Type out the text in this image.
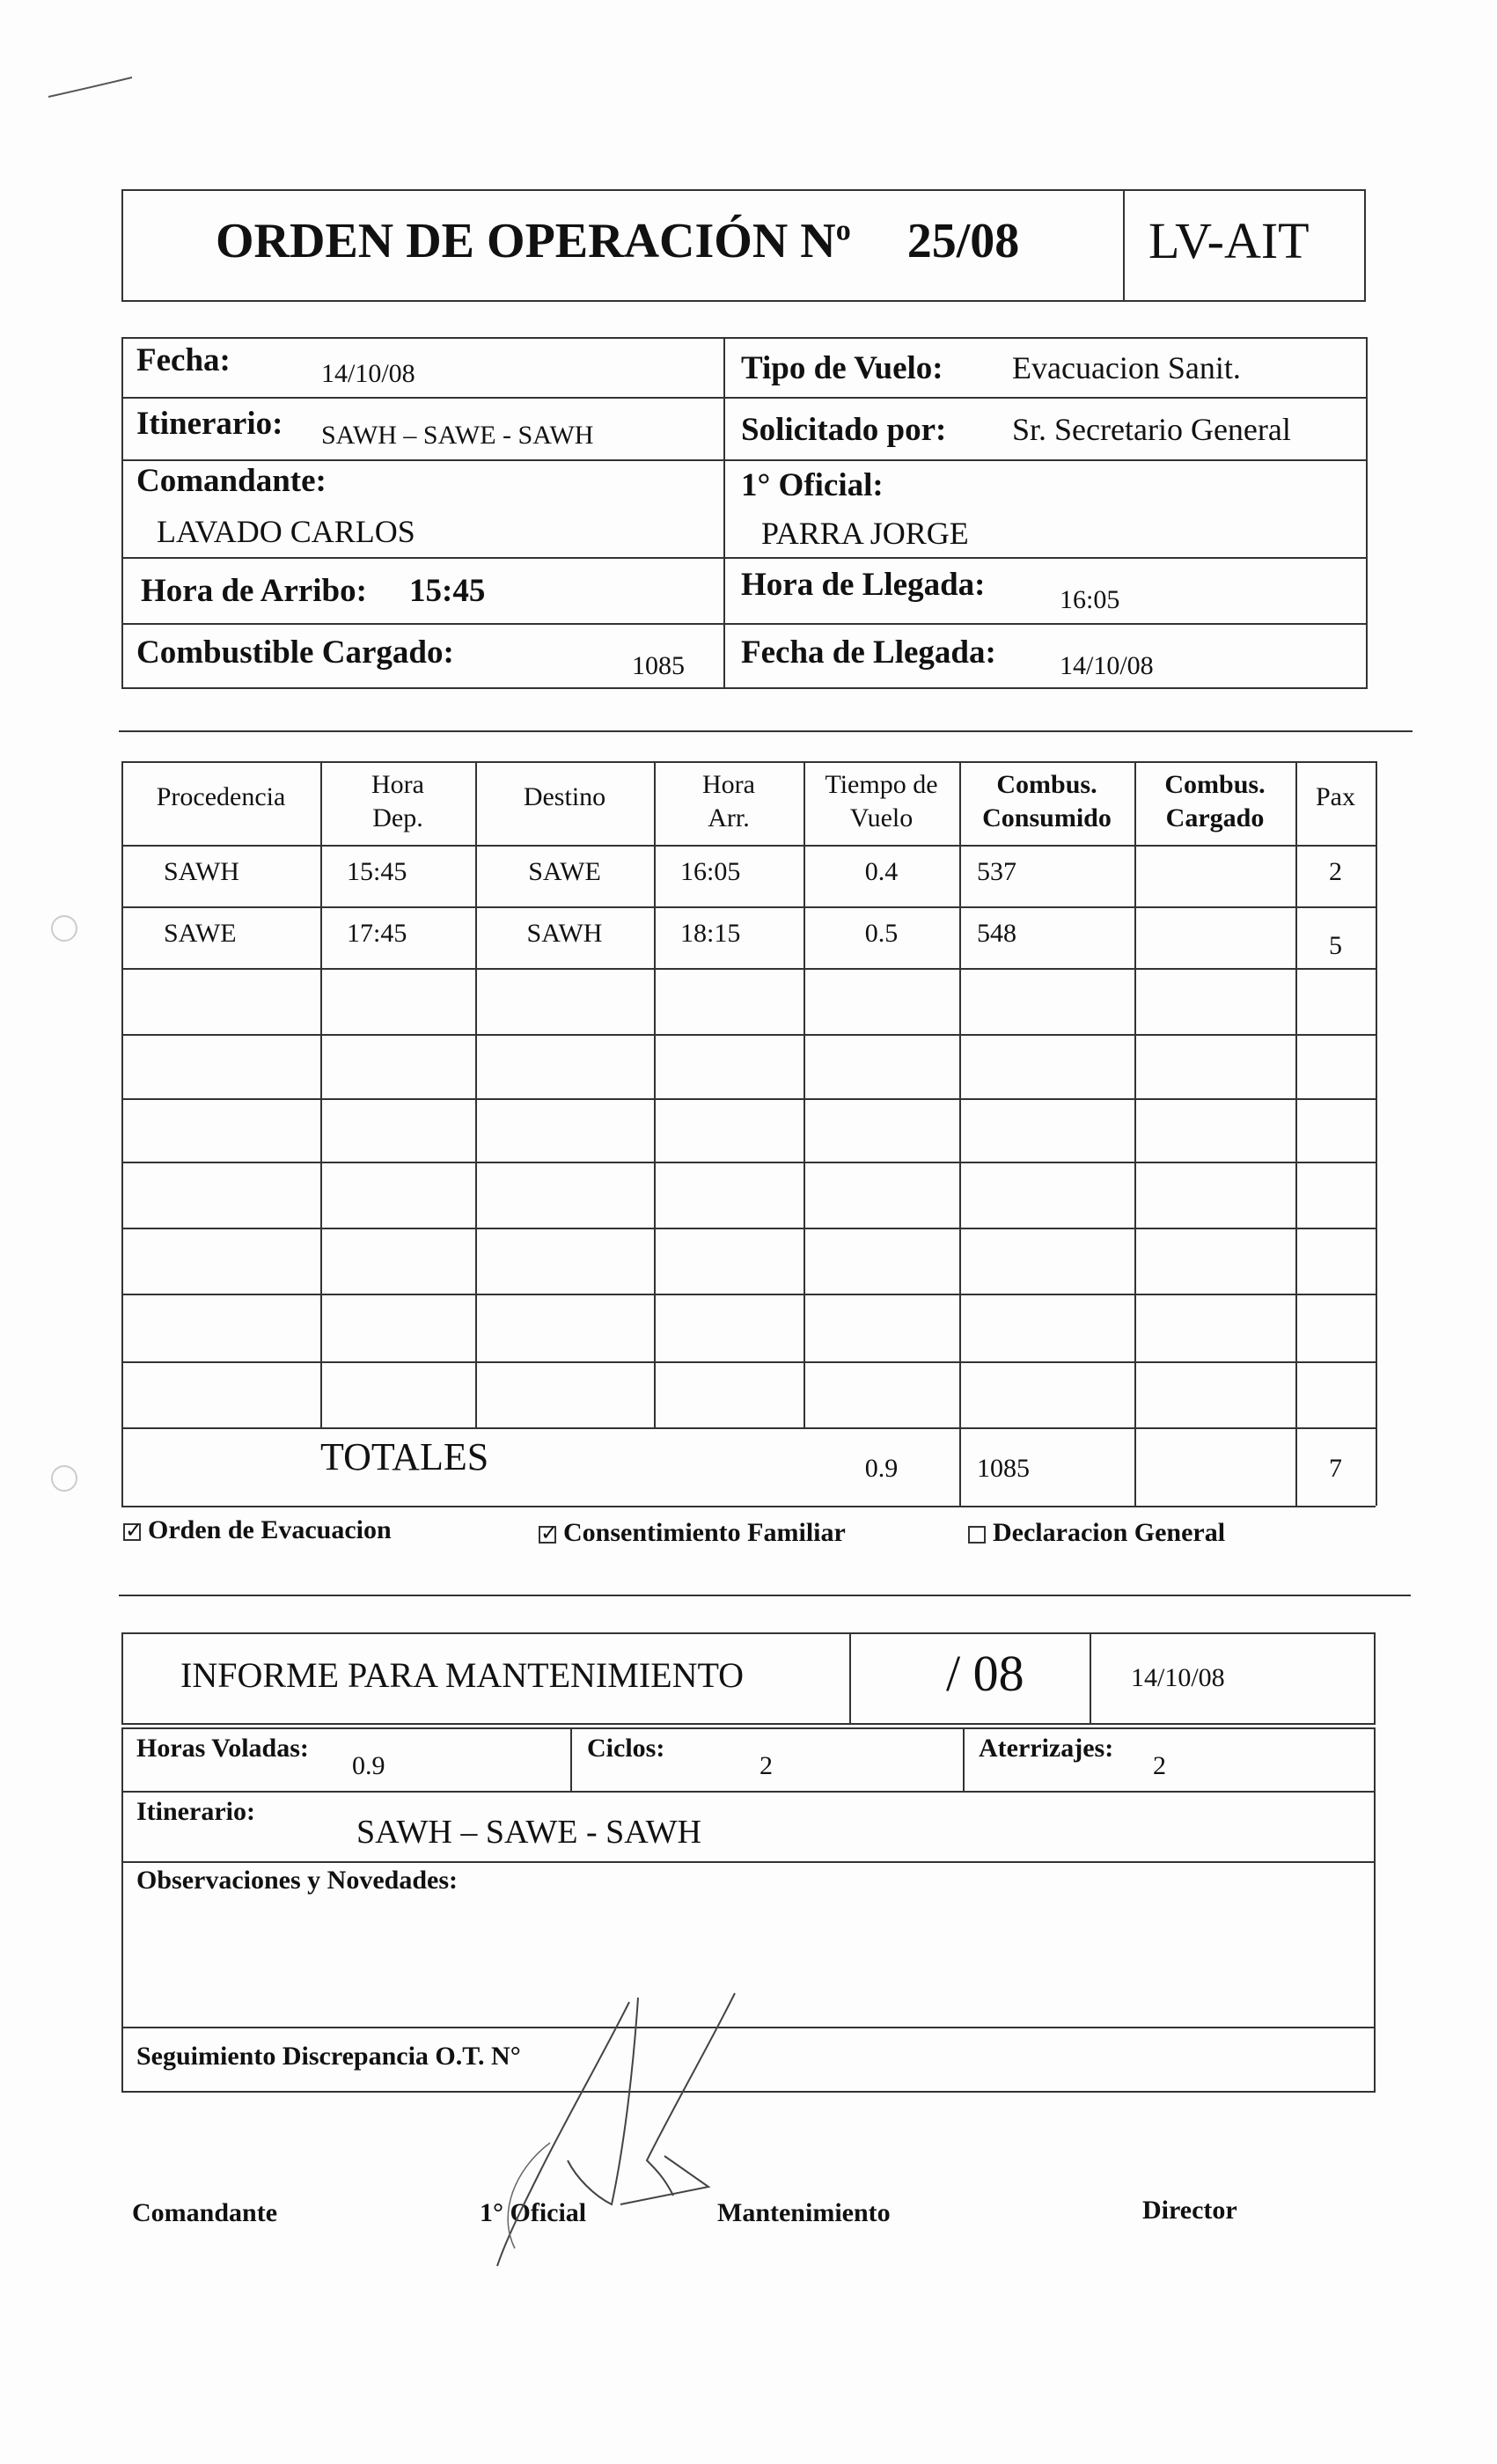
ORDEN DE OPERACIÓN $N^o$ 25/08	LV-AIT
Fecha:	14/10/08
Itinerario: SAWH – SAWE - SAWH
Comandante:
LAVADO CARLOS
Hora de Arribo: 15:45
Combustible Cargado:	1085
Tipo de Vuelo: Evacuacion Sanit.
Solicitado por: Sr. Secretario General
1° Oficial:
PARRA JORGE
Hora de Llegada:	16:05
Fecha de Llegada: 14/10/08
Procedencia	Hora
Dep.
Destino	Hora
Arr.
Tiempo de
Vuelo
Combus.
Consumido
Combus.
Cargado
Pax
SAWH	15:45	SAWE	16:05	0.4	537	2
SAWE	17:45	SAWH	18:15	0.5	548	5
0.9	1085	7
TOTALES
✓Orden de Evacuacion
✓	Consentimiento Familiar	Declaracion General
INFORME PARA MANTENIMIENTO	/ 08	14/10/08
Horas Voladas:
0.9
Ciclos:
2
Aterrizajes:
2
Itinerario:
SAWH – SAWE - SAWH
Observaciones y Novedades:
Seguimiento Discrepancia O.T. N°
Comandante	1° Oficial	Mantenimiento	Director
